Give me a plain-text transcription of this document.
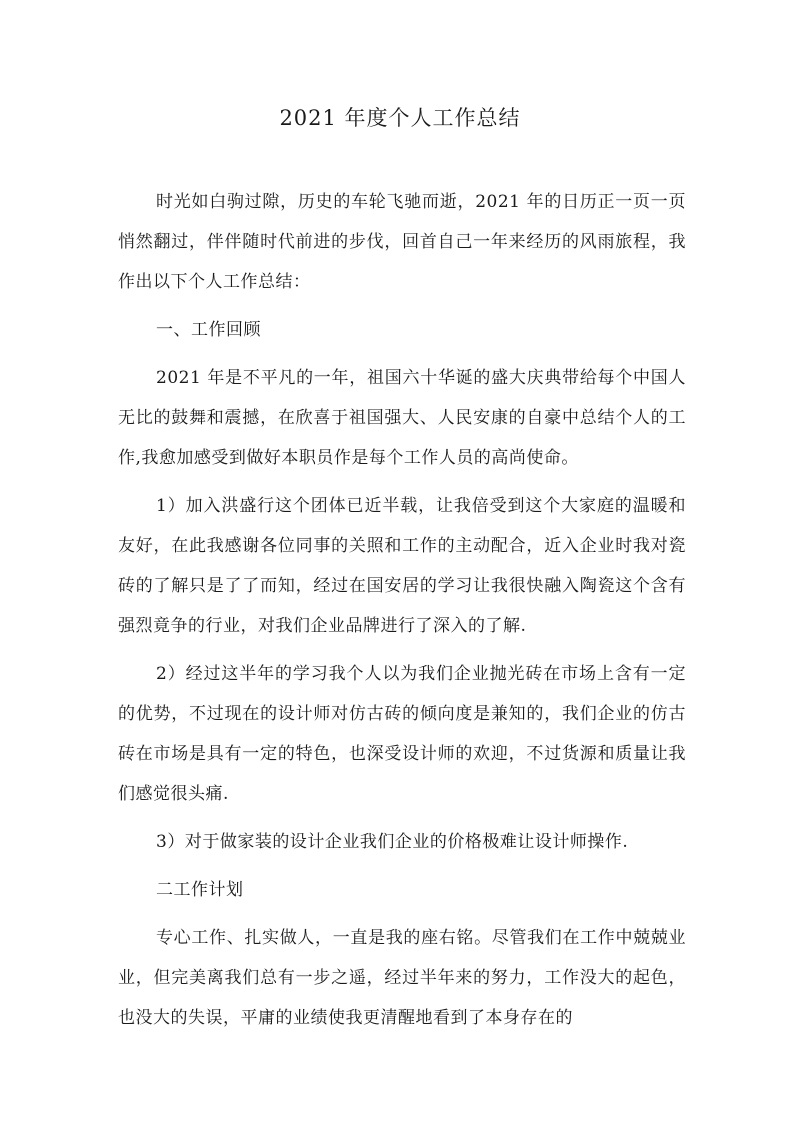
2021 年度个人工作总结

时光如白驹过隙，历史的车轮飞驰而逝，2021 年的日历正一页一页悄然翻过，伴伴随时代前进的步伐，回首自己一年来经历的风雨旅程，我作出以下个人工作总结：

一、工作回顾

2021 年是不平凡的一年，祖国六十华诞的盛大庆典带给每个中国人无比的鼓舞和震撼，在欣喜于祖国强大、人民安康的自豪中总结个人的工作,我愈加感受到做好本职员作是每个工作人员的高尚使命。

1）加入洪盛行这个团体已近半载，让我倍受到这个大家庭的温暖和友好，在此我感谢各位同事的关照和工作的主动配合，近入企业时我对瓷砖的了解只是了了而知，经过在国安居的学习让我很快融入陶瓷这个含有强烈竟争的行业，对我们企业品牌进行了深入的了解.

2）经过这半年的学习我个人以为我们企业抛光砖在市场上含有一定的优势，不过现在的设计师对仿古砖的倾向度是兼知的，我们企业的仿古砖在市场是具有一定的特色，也深受设计师的欢迎，不过货源和质量让我们感觉很头痛.

3）对于做家装的设计企业我们企业的价格极难让设计师操作.

二工作计划

专心工作、扎实做人，一直是我的座右铭。尽管我们在工作中兢兢业业，但完美离我们总有一步之遥，经过半年来的努力，工作没大的起色，也没大的失误，平庸的业绩使我更清醒地看到了本身存在的
